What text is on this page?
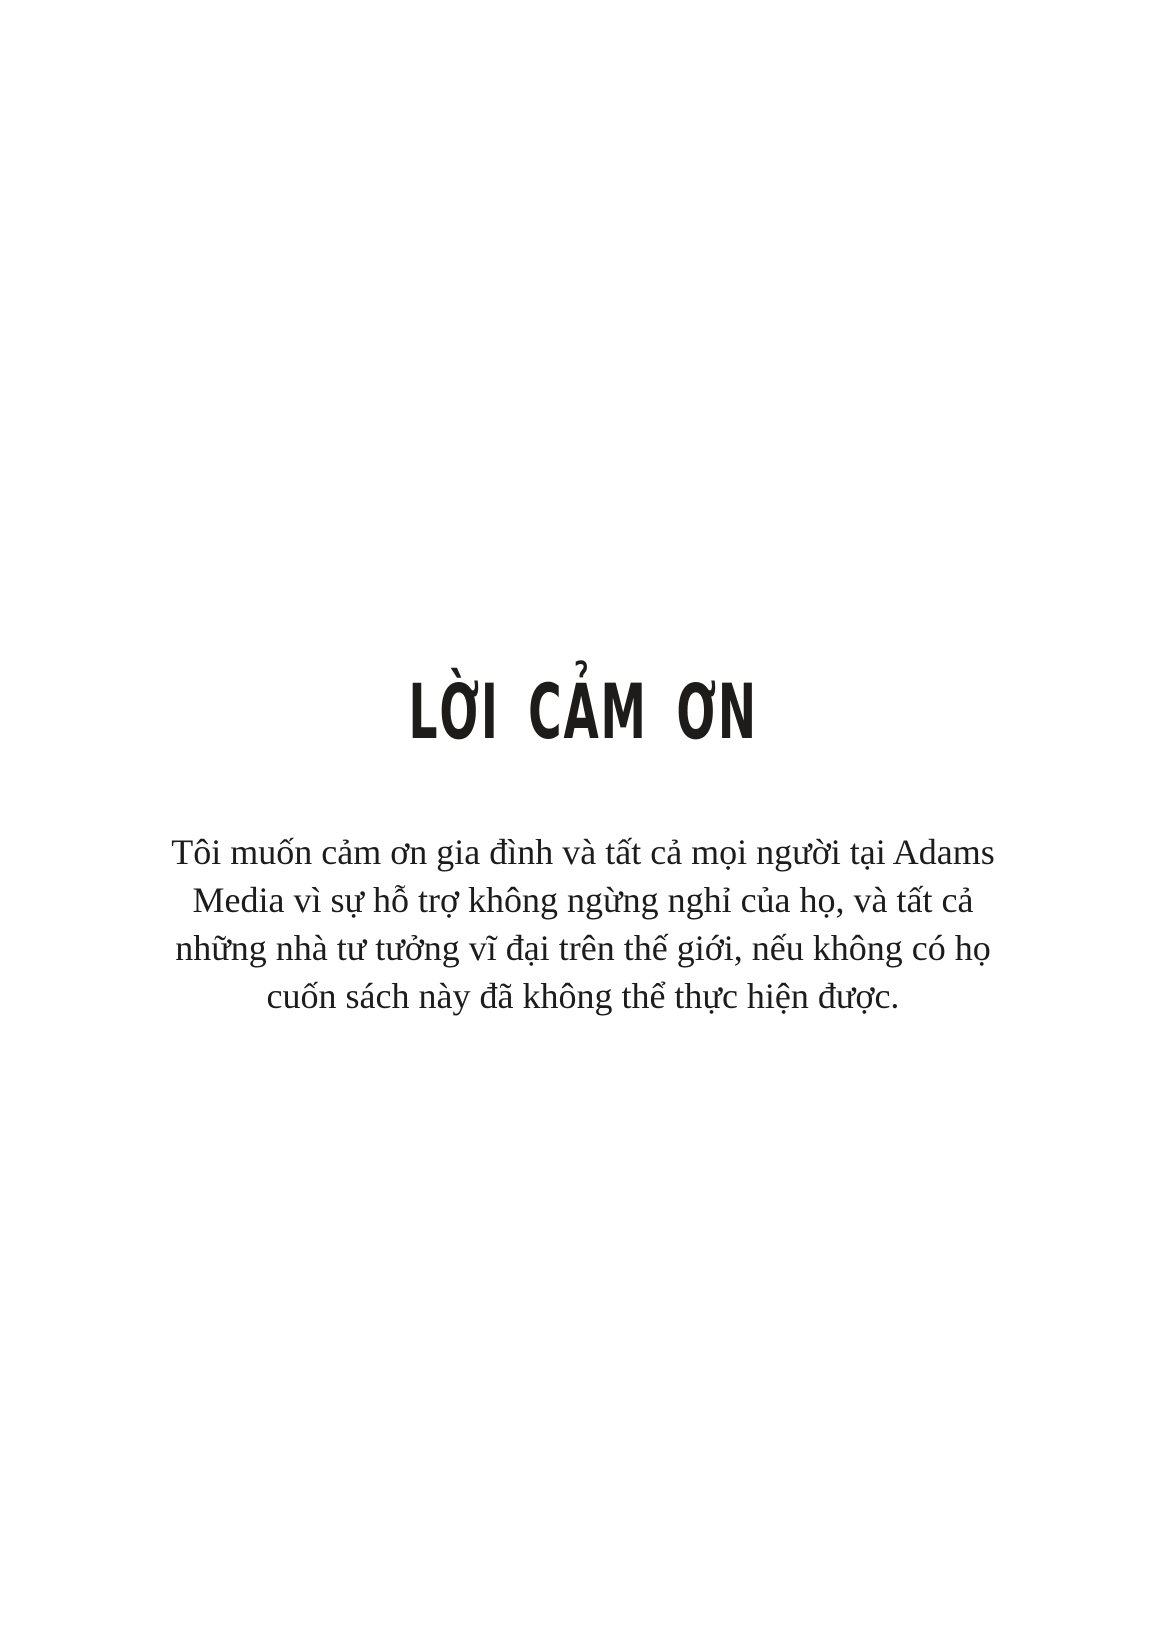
LỜI CẢM ƠN
Tôi muốn cảm ơn gia đình và tất cả mọi người tại Adams
Media vì sự hỗ trợ không ngừng nghỉ của họ, và tất cả
những nhà tư tưởng vĩ đại trên thế giới, nếu không có họ
cuốn sách này đã không thể thực hiện được.
